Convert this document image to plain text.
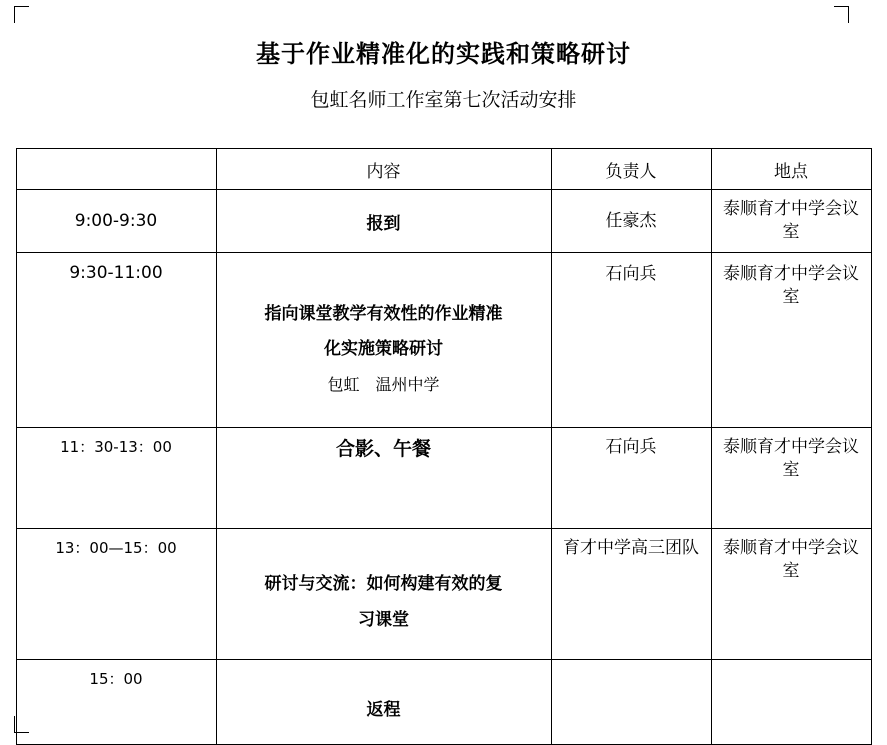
基于作业精准化的实践和策略研讨
包虹名师工作室第七次活动安排
	内容	负责人	地点
9:00-9:30	报到	任豪杰	泰顺育才中学会议室
9:30-11:00	指向课堂教学有效性的作业精准
化实施策略研讨
包虹　温州中学	石向兵	泰顺育才中学会议室
11：30-13：00	合影、午餐	石向兵	泰顺育才中学会议室
13：00—15：00	研讨与交流：如何构建有效的复
习课堂	育才中学高三团队	泰顺育才中学会议室
15：00	返程		
